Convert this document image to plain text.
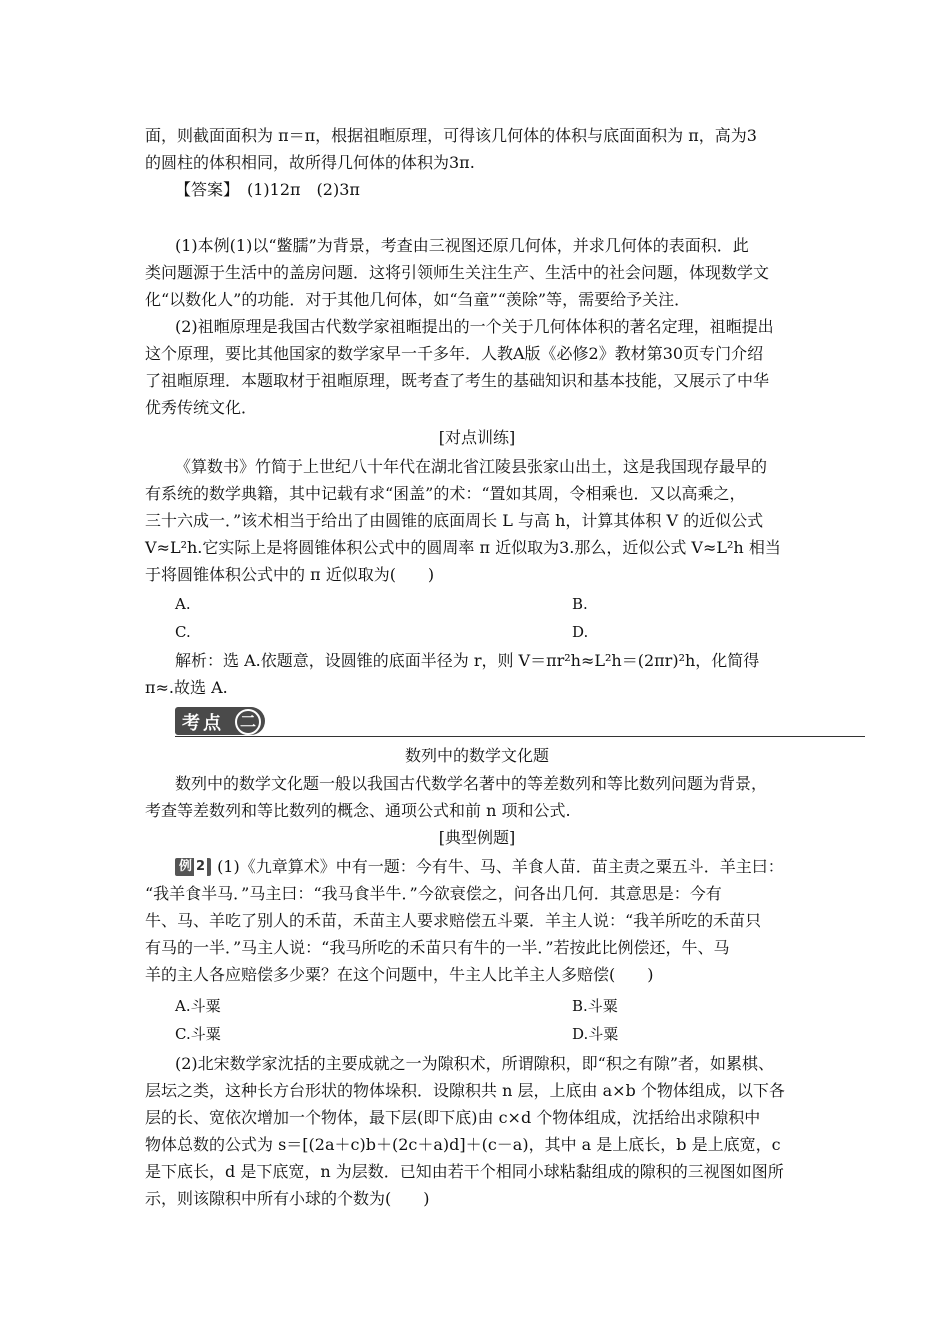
面，则截面面积为 π＝π，根据祖暅原理，可得该几何体的体积与底面面积为 π，高为3
的圆柱的体积相同，故所得几何体的体积为3π.
【答案】　(1)12π　(2)3π
(1)本例(1)以“鳖臑”为背景，考查由三视图还原几何体，并求几何体的表面积．此
类问题源于生活中的盖房问题．这将引领师生关注生产、生活中的社会问题，体现数学文
化“以数化人”的功能．对于其他几何体，如“刍童”“羡除”等，需要给予关注．
(2)祖暅原理是我国古代数学家祖暅提出的一个关于几何体体积的著名定理，祖暅提出
这个原理，要比其他国家的数学家早一千多年．人教A版《必修2》教材第30页专门介绍
了祖暅原理．本题取材于祖暅原理，既考查了考生的基础知识和基本技能，又展示了中华
优秀传统文化．
[对点训练]
《算数书》竹简于上世纪八十年代在湖北省江陵县张家山出土，这是我国现存最早的
有系统的数学典籍，其中记载有求“囷盖”的术：“置如其周，令相乘也．又以高乘之，
三十六成一．”该术相当于给出了由圆锥的底面周长 L 与高 h，计算其体积 V 的近似公式
V≈L²h.它实际上是将圆锥体积公式中的圆周率 π 近似取为3.那么，近似公式 V≈L²h 相当
于将圆锥体积公式中的 π 近似取为(　　)
A.	B.
C.	D.
解析：选 A.依题意，设圆锥的底面半径为 r，则 V＝πr²h≈L²h＝(2πr)²h，化简得
π≈.故选 A.
考点 二
数列中的数学文化题
数列中的数学文化题一般以我国古代数学名著中的等差数列和等比数列问题为背景，
考查等差数列和等比数列的概念、通项公式和前 n 项和公式.
[典型例题]
例 2 (1)《九章算术》中有一题：今有牛、马、羊食人苗．苗主责之粟五斗．羊主曰：
“我羊食半马．”马主曰：“我马食半牛．”今欲衰偿之，问各出几何．其意思是：今有
牛、马、羊吃了别人的禾苗，禾苗主人要求赔偿五斗粟．羊主人说：“我羊所吃的禾苗只
有马的一半．”马主人说：“我马所吃的禾苗只有牛的一半．”若按此比例偿还，牛、马
羊的主人各应赔偿多少粟？在这个问题中，牛主人比羊主人多赔偿(　　)
A.斗粟	B.斗粟
C.斗粟	D.斗粟
(2)北宋数学家沈括的主要成就之一为隙积术，所谓隙积，即“积之有隙”者，如累棋、
层坛之类，这种长方台形状的物体垛积．设隙积共 n 层，上底由 a×b 个物体组成，以下各
层的长、宽依次增加一个物体，最下层(即下底)由 c×d 个物体组成，沈括给出求隙积中
物体总数的公式为 s＝[(2a＋c)b＋(2c＋a)d]＋(c－a)，其中 a 是上底长，b 是上底宽，c
是下底长，d 是下底宽，n 为层数．已知由若干个相同小球粘黏组成的隙积的三视图如图所
示，则该隙积中所有小球的个数为(　　)
